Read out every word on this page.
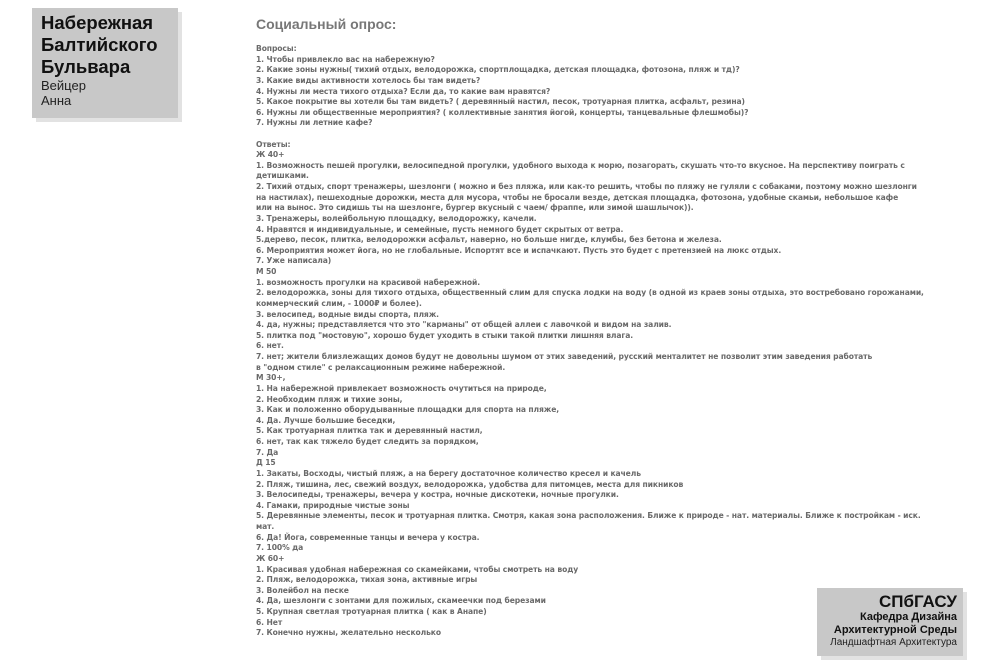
Набережная
Балтийского
Бульвара
Вейцер
Анна
Социальный опрос:
Вопросы:
1. Чтобы привлекло вас на набережную?
2. Какие зоны нужны( тихий отдых, велодорожка, спортплощадка, детская площадка, фотозона, пляж и тд)?
3. Какие виды активности хотелось бы там видеть?
4. Нужны ли места тихого отдыха? Если да, то какие вам нравятся?
5. Какое покрытие вы хотели бы там видеть? ( деревянный настил, песок, тротуарная плитка, асфальт, резина)
6. Нужны ли общественные мероприятия? ( коллективные занятия йогой, концерты, танцевальные флешмобы)?
7. Нужны ли летние кафе?
Ответы:
Ж 40+
1. Возможность пешей прогулки, велосипедной прогулки, удобного выхода к морю, позагорать, скушать что-то вкусное. На перспективу поиграть с
детишками.
2. Тихий отдых, спорт тренажеры, шезлонги ( можно и без пляжа, или как-то решить, чтобы по пляжу не гуляли с собаками, поэтому можно шезлонги
на настилах), пешеходные дорожки, места для мусора, чтобы не бросали везде, детская площадка, фотозона, удобные скамьи, небольшое кафе
или на вынос. Это сидишь ты на шезлонге, бургер вкусный с чаем/ фраппе, или зимой шашлычок)).
3. Тренажеры, волейбольную площадку, велодорожку, качели.
4. Нравятся и индивидуальные, и семейные, пусть немного будет скрытых от ветра.
5.дерево, песок, плитка, велодорожки асфальт, наверно, но больше нигде, клумбы, без бетона и железа.
6. Мероприятия может йога, но не глобальные. Испортят все и испачкают. Пусть это будет с претензией на люкс отдых.
7. Уже написала)
М 50
1. возможность прогулки на красивой набережной.
2. велодорожка, зоны для тихого отдыха, общественный слим для спуска лодки на воду (в одной из краев зоны отдыха, это востребовано горожанами,
коммерческий слим, - 1000₽ и более).
3. велосипед, водные виды спорта, пляж.
4. да, нужны; представляется что это "карманы" от общей аллеи с лавочкой и видом на залив.
5. плитка под "мостовую", хорошо будет уходить в стыки такой плитки лишняя влага.
6. нет.
7. нет; жители близлежащих домов будут не довольны шумом от этих заведений, русский менталитет не позволит этим заведения работать
в "одном стиле" с релаксационным режиме набережной.
М 30+,
1. На набережной привлекает возможность очутиться на природе,
2. Необходим пляж и тихие зоны,
3. Как и положенно оборудыванные площадки для спорта на пляже,
4. Да. Лучше большие беседки,
5. Как тротуарная плитка так и деревянный настил,
6. нет, так как тяжело будет следить за порядком,
7. Да
Д 15
1. Закаты, Восходы, чистый пляж, а на берегу достаточное количество кресел и качель
2. Пляж, тишина, лес, свежий воздух, велодорожка, удобства для питомцев, места для пикников
3. Велосипеды, тренажеры, вечера у костра, ночные дискотеки, ночные прогулки.
4. Гамаки, природные чистые зоны
5. Деревянные элементы, песок и тротуарная плитка. Смотря, какая зона расположения. Ближе к природе - нат. материалы. Ближе к постройкам - иск.
мат.
6. Да! Йога, современные танцы и вечера у костра.
7. 100% да
Ж 60+
1. Красивая удобная набережная со скамейками, чтобы смотреть на воду
2. Пляж, велодорожка, тихая зона, активные игры
3. Волейбол на песке
4. Да, шезлонги с зонтами для пожилых, скамеечки под березами
5. Крупная светлая тротуарная плитка ( как в Анапе)
6. Нет
7. Конечно нужны, желательно несколько
СПбГАСУ
Кафедра Дизайна
Архитектурной Среды
Ландшафтная Архитектура
